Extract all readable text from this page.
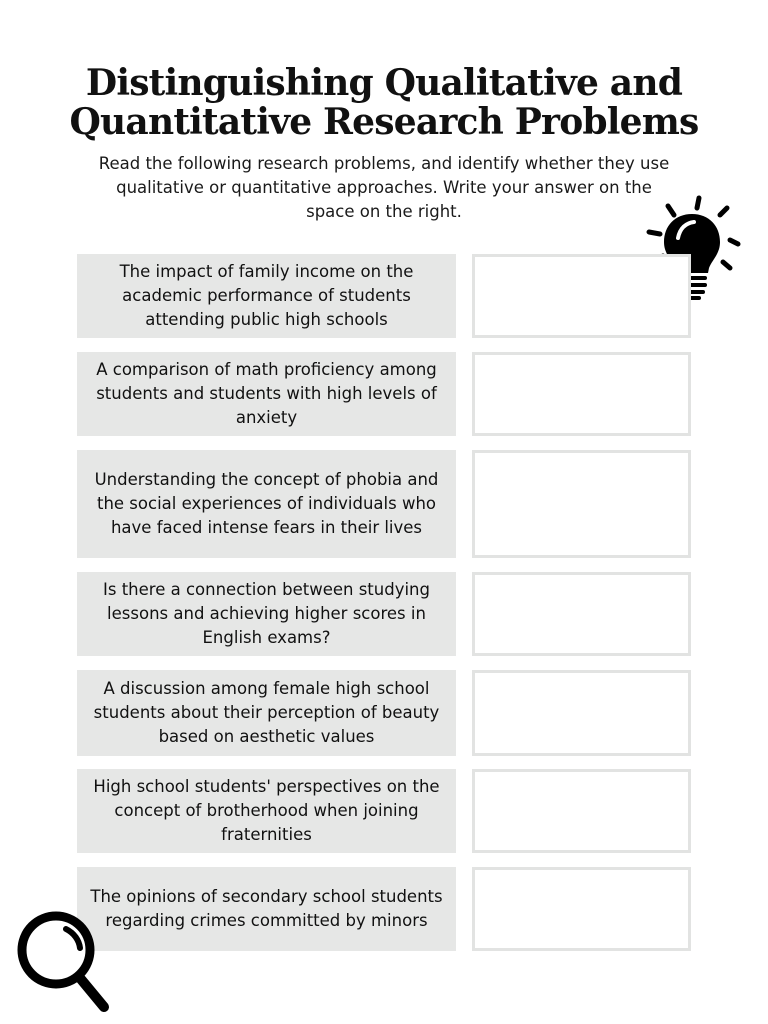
Distinguishing Qualitative and
Quantitative Research Problems
Read the following research problems, and identify whether they use qualitative or quantitative approaches. Write your answer on the space on the right.
The impact of family income on the academic performance of students attending public high schools
A comparison of math proficiency among students and students with high levels of anxiety
Understanding the concept of phobia and the social experiences of individuals who have faced intense fears in their lives
Is there a connection between studying lessons and achieving higher scores in English exams?
A discussion among female high school students about their perception of beauty based on aesthetic values
High school students' perspectives on the concept of brotherhood when joining fraternities
The opinions of secondary school students regarding crimes committed by minors
